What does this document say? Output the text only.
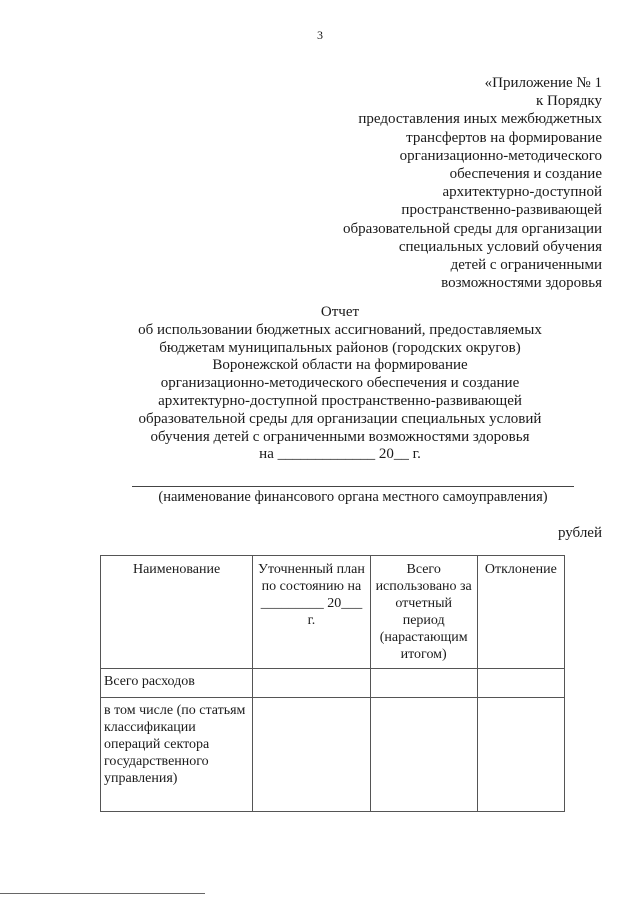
3
«Приложение № 1
к Порядку
предоставления иных межбюджетных
трансфертов на формирование
организационно-методического
обеспечения и создание
архитектурно-доступной
пространственно-развивающей
образовательной среды для организации
специальных условий обучения
детей с ограниченными
возможностями здоровья
Отчет
об использовании бюджетных ассигнований, предоставляемых
бюджетам муниципальных районов (городских округов)
Воронежской области на формирование
организационно-методического обеспечения и создание
архитектурно-доступной пространственно-развивающей
образовательной среды для организации специальных условий
обучения детей с ограниченными возможностями здоровья
на _____________ 20__ г.
(наименование финансового органа местного самоуправления)
рублей
Наименование	Уточненный план по состоянию на _________ 20___ г.	Всего использовано за отчетный период (нарастающим итогом)	Отклонение
Всего расходов			
в том числе (по статьям классификации операций сектора государственного управления)			
